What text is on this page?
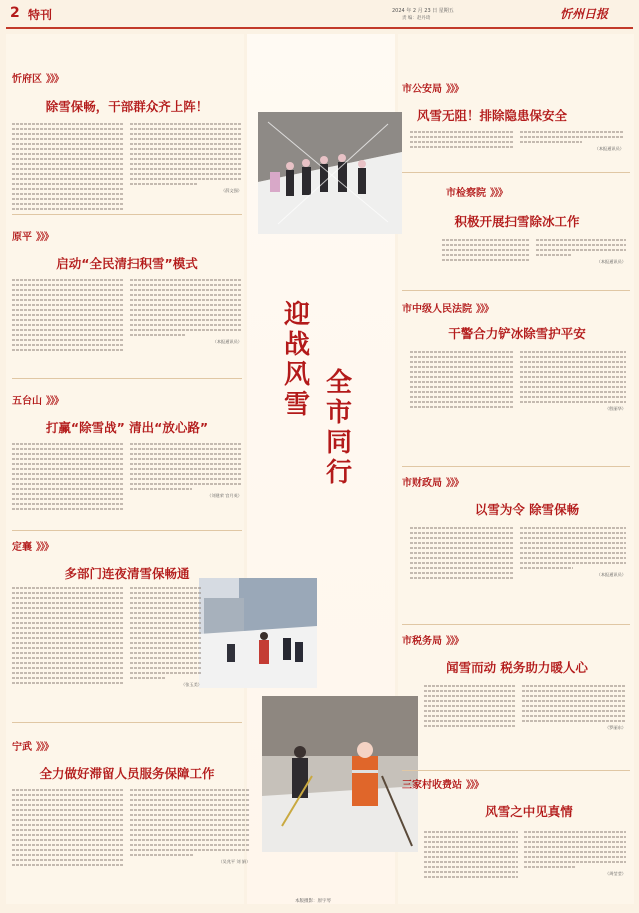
2 特刊	2024 年 2 月 23 日 星期五
责 编：赵丹琦	忻州日报
迎战风雪
全市同行
本版摄影：原宇琴
忻府区 》》》
除雪保畅，干部群众齐上阵！
（薛文强）
原平 》》》
启动“全民清扫积雪”模式
（本报通讯员）
五台山 》》》
打赢“除雪战” 清出“放心路”
（刘建荣 宫月英）
定襄 》》》
多部门连夜清雪保畅通
（张玉美）
宁武 》》》
全力做好滞留人员服务保障工作
（吴兆平 刘 娟）
市公安局 》》》
风雪无阻！排除隐患保安全
（本报通讯员）
市检察院 》》》
积极开展扫雪除冰工作
（本报通讯员）
市中级人民法院 》》》
干警合力铲冰除雪护平安
（殷丽华）
市财政局 》》》
以雪为令 除雪保畅
（本报通讯员）
市税务局 》》》
闻雪而动 税务助力暖人心
（罗丽东）
三家村收费站 》》》
风雪之中见真情
（周莹莹）
